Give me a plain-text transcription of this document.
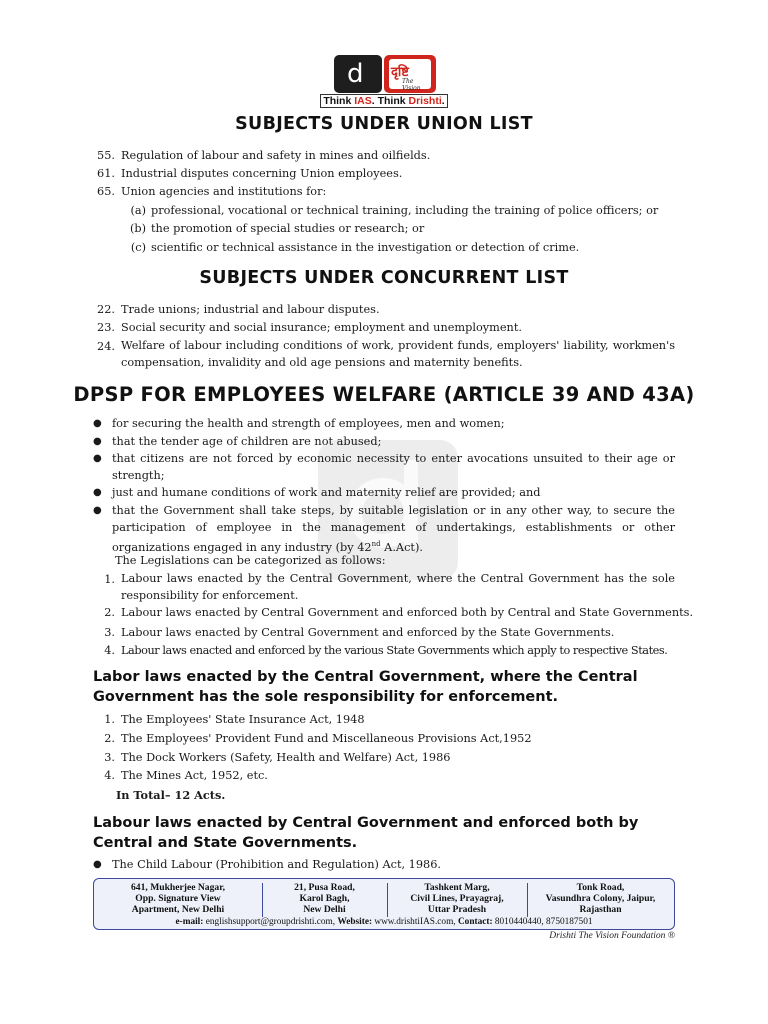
d दृष्टि
The Vision
Think IAS. Think Drishti.
SUBJECTS UNDER UNION LIST
55. Regulation of labour and safety in mines and oilfields.
61. Industrial disputes concerning Union employees.
65. Union agencies and institutions for:
(a) professional, vocational or technical training, including the training of police officers; or
(b) the promotion of special studies or research; or
(c) scientific or technical assistance in the investigation or detection of crime.
SUBJECTS UNDER CONCURRENT LIST
22. Trade unions; industrial and labour disputes.
23. Social security and social insurance; employment and unemployment.
24. Welfare of labour including conditions of work, provident funds, employers' liability, workmen's compensation, invalidity and old age pensions and maternity benefits.
DPSP FOR EMPLOYEES WELFARE (ARTICLE 39 AND 43A)
● for securing the health and strength of employees, men and women;
● that the tender age of children are not abused;
● that citizens are not forced by economic necessity to enter avocations unsuited to their age or strength;
● just and humane conditions of work and maternity relief are provided; and
● that the Government shall take steps, by suitable legislation or in any other way, to secure the participation of employee in the management of undertakings, establishments or other organizations engaged in any industry (by 42nd A.Act).
The Legislations can be categorized as follows:
1. Labour laws enacted by the Central Government, where the Central Government has the sole responsibility for enforcement.
2. Labour laws enacted by Central Government and enforced both by Central and State Governments.
3. Labour laws enacted by Central Government and enforced by the State Governments.
4. Labour laws enacted and enforced by the various State Governments which apply to respective States.
Labor laws enacted by the Central Government, where the Central Government has the sole responsibility for enforcement.
1. The Employees' State Insurance Act, 1948
2. The Employees' Provident Fund and Miscellaneous Provisions Act,1952
3. The Dock Workers (Safety, Health and Welfare) Act, 1986
4. The Mines Act, 1952, etc.
In Total– 12 Acts.
Labour laws enacted by Central Government and enforced both by Central and State Governments.
● The Child Labour (Prohibition and Regulation) Act, 1986.
641, Mukherjee Nagar,
Opp. Signature View
Apartment, New Delhi
21, Pusa Road,
Karol Bagh,
New Delhi
Tashkent Marg,
Civil Lines, Prayagraj,
Uttar Pradesh
Tonk Road,
Vasundhra Colony, Jaipur,
Rajasthan
e-mail: englishsupport@groupdrishti.com, Website: www.drishtiIAS.com, Contact: 8010440440, 8750187501
Drishti The Vision Foundation ®
